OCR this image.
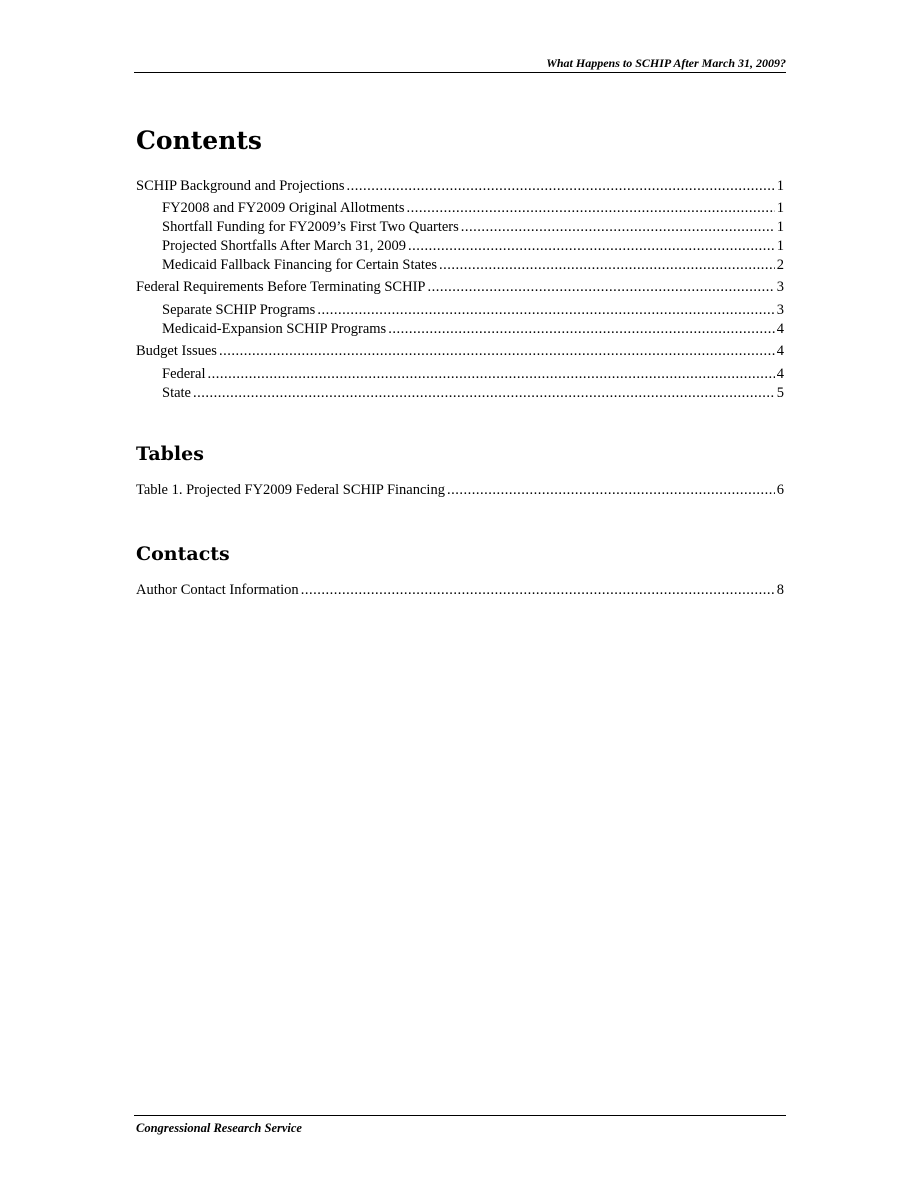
What Happens to SCHIP After March 31, 2009?
Contents
SCHIP Background and Projections .....	1
FY2008 and FY2009 Original Allotments .....	1
Shortfall Funding for FY2009’s First Two Quarters .....	1
Projected Shortfalls After March 31, 2009 .....	1
Medicaid Fallback Financing for Certain States .....	2
Federal Requirements Before Terminating SCHIP .....	3
Separate SCHIP Programs .....	3
Medicaid-Expansion SCHIP Programs .....	4
Budget Issues .....	4
Federal .....	4
State .....	5
Tables
Table 1. Projected FY2009 Federal SCHIP Financing .....	6
Contacts
Author Contact Information .....	8
Congressional Research Service
